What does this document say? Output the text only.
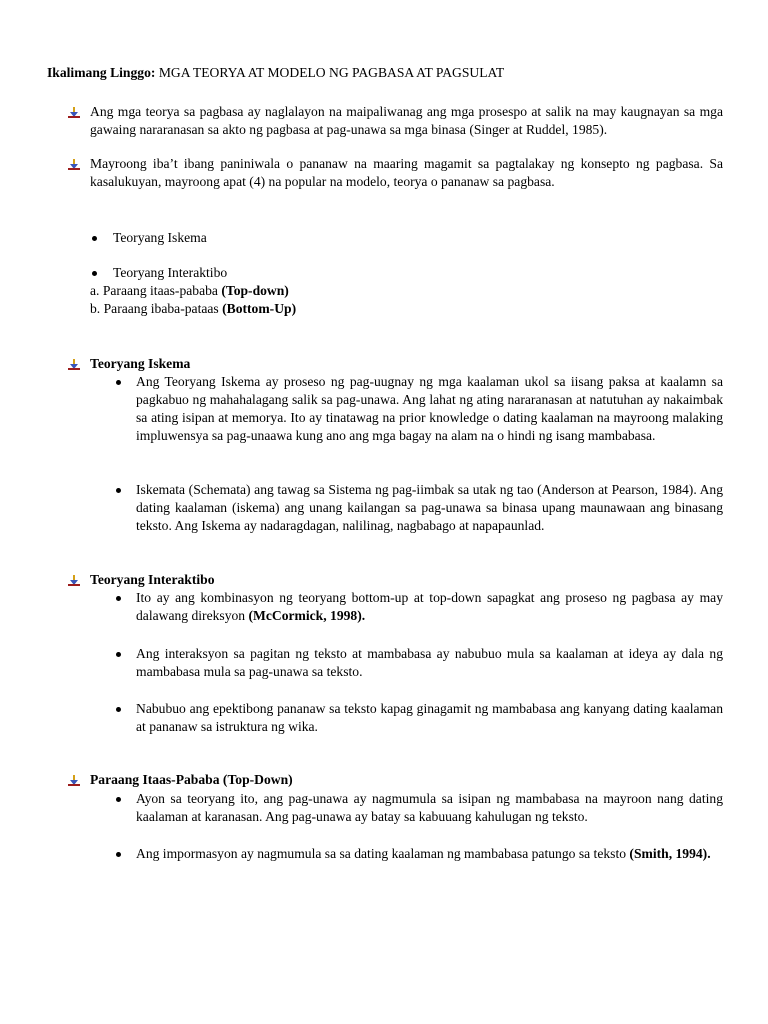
Ikalimang Linggo: MGA TEORYA AT MODELO NG PAGBASA AT PAGSULAT
Ang mga teorya sa pagbasa ay naglalayon na maipaliwanag ang mga prosespo at salik na may kaugnayan sa mga gawaing nararanasan sa akto ng pagbasa at pag-unawa sa mga binasa (Singer at Ruddel, 1985).
Mayroong iba’t ibang paniniwala o pananaw na maaring magamit sa pagtalakay ng konsepto ng pagbasa. Sa kasalukuyan, mayroong apat (4) na popular na modelo, teorya o pananaw sa pagbasa.
Teoryang Iskema
Teoryang Interaktibo
a. Paraang itaas-pababa (Top-down)
b. Paraang ibaba-pataas (Bottom-Up)
Teoryang Iskema
Ang Teoryang Iskema ay proseso ng pag-uugnay ng mga kaalaman ukol sa iisang paksa at kaalamn sa pagkabuo ng mahahalagang salik sa pag-unawa. Ang lahat ng ating nararanasan at natutuhan ay nakaimbak sa ating isipan at memorya. Ito ay tinatawag na prior knowledge o dating kaalaman na mayroong malaking impluwensya sa pag-unaawa kung ano ang mga bagay na alam na o hindi ng isang mambabasa.
Iskemata (Schemata) ang tawag sa Sistema ng pag-iimbak sa utak ng tao (Anderson at Pearson, 1984). Ang dating kaalaman (iskema) ang unang kailangan sa pag-unawa sa binasa upang maunawaan ang binasang teksto. Ang Iskema ay nadaragdagan, nalilinag, nagbabago at napapaunlad.
Teoryang Interaktibo
Ito ay ang kombinasyon ng teoryang bottom-up at top-down sapagkat ang proseso ng pagbasa ay may dalawang direksyon (McCormick, 1998).
Ang interaksyon sa pagitan ng teksto at mambabasa ay nabubuo mula sa kaalaman at ideya ay dala ng mambabasa mula sa pag-unawa sa teksto.
Nabubuo ang epektibong pananaw sa teksto kapag ginagamit ng mambabasa ang kanyang dating kaalaman at pananaw sa istruktura ng wika.
Paraang Itaas-Pababa (Top-Down)
Ayon sa teoryang ito, ang pag-unawa ay nagmumula sa isipan ng mambabasa na mayroon nang dating kaalaman at karanasan. Ang pag-unawa ay batay sa kabuuang kahulugan ng teksto.
Ang impormasyon ay nagmumula sa sa dating kaalaman ng mambabasa patungo sa teksto (Smith, 1994).
